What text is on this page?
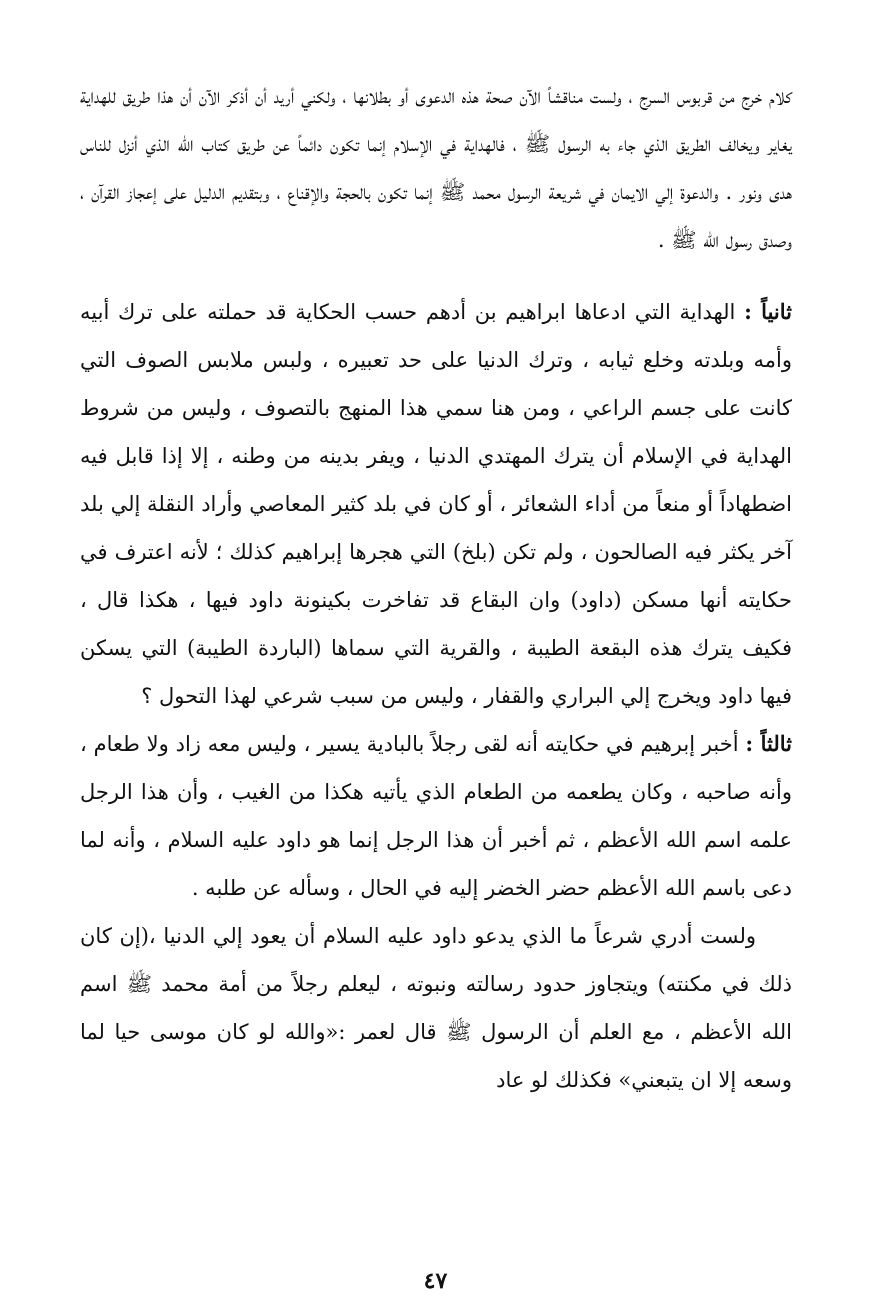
كلام خرج من قربوس السرج ، ولست مناقشاً الآن صحة هذه الدعوى أو بطلانها ، ولكني أريد أن أذكر الآن أن هذا طريق للهداية يغاير ويخالف الطريق الذي جاء به الرسول ﷺ ، فالهداية في الإسلام إنما تكون دائماً عن طريق كتاب الله الذي أنزل للناس هدى ونور . والدعوة إلي الايمان في شريعة الرسول محمد ﷺ إنما تكون بالحجة والإقناع ، وبتقديم الدليل على إعجاز القرآن ، وصدق رسول الله ﷺ .

ثانياً : الهداية التي ادعاها ابراهيم بن أدهم حسب الحكاية قد حملته على ترك أبيه وأمه وبلدته وخلع ثيابه ، وترك الدنيا على حد تعبيره ، ولبس ملابس الصوف التي كانت على جسم الراعي ، ومن هنا سمي هذا المنهج بالتصوف ، وليس من شروط الهداية في الإسلام أن يترك المهتدي الدنيا ، ويفر بدينه من وطنه ، إلا إذا قابل فيه اضطهاداً أو منعاً من أداء الشعائر ، أو كان في بلد كثير المعاصي وأراد النقلة إلي بلد آخر يكثر فيه الصالحون ، ولم تكن (بلخ) التي هجرها إبراهيم كذلك ؛ لأنه اعترف في حكايته أنها مسكن (داود) وان البقاع قد تفاخرت بكينونة داود فيها ، هكذا قال ، فكيف يترك هذه البقعة الطيبة ، والقرية التي سماها (الباردة الطيبة) التي يسكن فيها داود ويخرج إلي البراري والقفار ، وليس من سبب شرعي لهذا التحول ؟

ثالثاً : أخبر إبرهيم في حكايته أنه لقى رجلاً بالبادية يسير ، وليس معه زاد ولا طعام ، وأنه صاحبه ، وكان يطعمه من الطعام الذي يأتيه هكذا من الغيب ، وأن هذا الرجل علمه اسم الله الأعظم ، ثم أخبر أن هذا الرجل إنما هو داود عليه السلام ، وأنه لما دعى باسم الله الأعظم حضر الخضر إليه في الحال ، وسأله عن طلبه .

ولست أدري شرعاً ما الذي يدعو داود عليه السلام أن يعود إلي الدنيا ،(إن كان ذلك في مكنته) ويتجاوز حدود رسالته ونبوته ، ليعلم رجلاً من أمة محمد ﷺ اسم الله الأعظم ، مع العلم أن الرسول ﷺ قال لعمر :«والله لو كان موسى حيا لما وسعه إلا ان يتبعني» فكذلك لو عاد

٤٧
